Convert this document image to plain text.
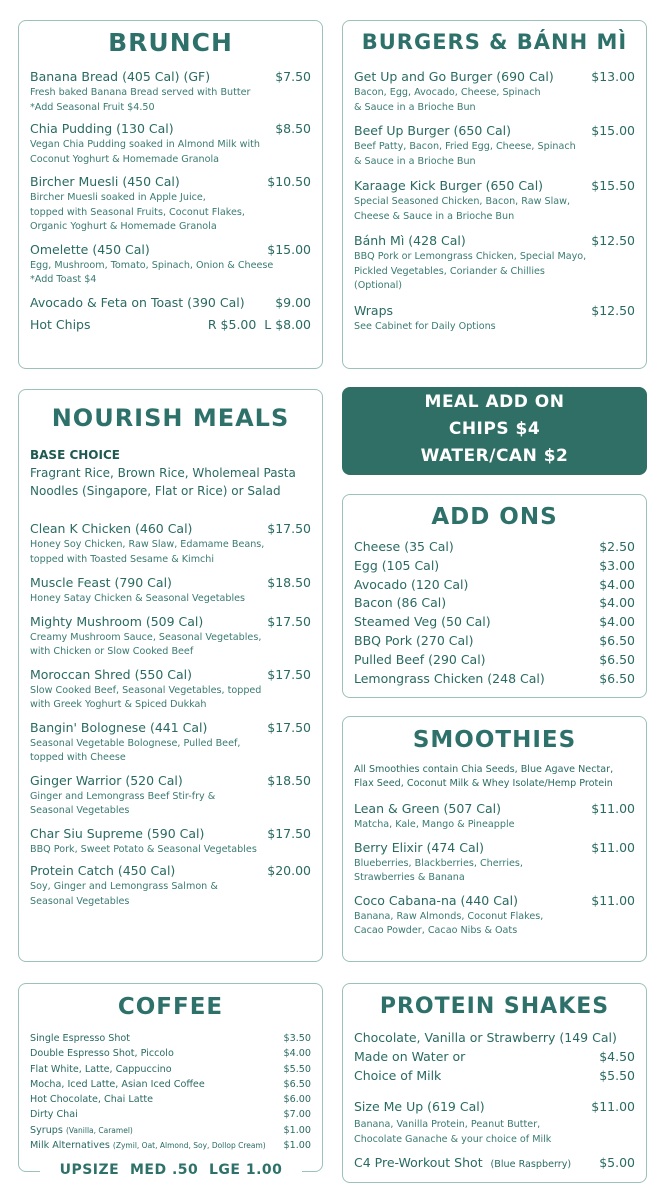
BRUNCH
Banana Bread (405 Cal) (GF)	$7.50
Fresh baked Banana Bread served with Butter
*Add Seasonal Fruit $4.50
Chia Pudding (130 Cal)	$8.50
Vegan Chia Pudding soaked in Almond Milk with
Coconut Yoghurt & Homemade Granola
Bircher Muesli (450 Cal)	$10.50
Bircher Muesli soaked in Apple Juice,
topped with Seasonal Fruits, Coconut Flakes,
Organic Yoghurt & Homemade Granola
Omelette (450 Cal)	$15.00
Egg, Mushroom, Tomato, Spinach, Onion & Cheese
*Add Toast $4
Avocado & Feta on Toast (390 Cal)	$9.00
Hot Chips	R $5.00  L $8.00
BURGERS & BÁNH MÌ
Get Up and Go Burger (690 Cal)	$13.00
Bacon, Egg, Avocado, Cheese, Spinach
& Sauce in a Brioche Bun
Beef Up Burger (650 Cal)	$15.00
Beef Patty, Bacon, Fried Egg, Cheese, Spinach
& Sauce in a Brioche Bun
Karaage Kick Burger (650 Cal)	$15.50
Special Seasoned Chicken, Bacon, Raw Slaw,
Cheese & Sauce in a Brioche Bun
Bánh Mì (428 Cal)	$12.50
BBQ Pork or Lemongrass Chicken, Special Mayo,
Pickled Vegetables, Coriander & Chillies
(Optional)
Wraps	$12.50
See Cabinet for Daily Options
NOURISH MEALS
BASE CHOICE
Fragrant Rice, Brown Rice, Wholemeal Pasta
Noodles (Singapore, Flat or Rice) or Salad
Clean K Chicken (460 Cal)	$17.50
Honey Soy Chicken, Raw Slaw, Edamame Beans,
topped with Toasted Sesame & Kimchi
Muscle Feast (790 Cal)	$18.50
Honey Satay Chicken & Seasonal Vegetables
Mighty Mushroom (509 Cal)	$17.50
Creamy Mushroom Sauce, Seasonal Vegetables,
with Chicken or Slow Cooked Beef
Moroccan Shred (550 Cal)	$17.50
Slow Cooked Beef, Seasonal Vegetables, topped
with Greek Yoghurt & Spiced Dukkah
Bangin' Bolognese (441 Cal)	$17.50
Seasonal Vegetable Bolognese, Pulled Beef,
topped with Cheese
Ginger Warrior (520 Cal)	$18.50
Ginger and Lemongrass Beef Stir-fry &
Seasonal Vegetables
Char Siu Supreme (590 Cal)	$17.50
BBQ Pork, Sweet Potato & Seasonal Vegetables
Protein Catch (450 Cal)	$20.00
Soy, Ginger and Lemongrass Salmon &
Seasonal Vegetables
MEAL ADD ON
CHIPS $4
WATER/CAN $2
ADD ONS
Cheese (35 Cal)	$2.50
Egg (105 Cal)	$3.00
Avocado (120 Cal)	$4.00
Bacon (86 Cal)	$4.00
Steamed Veg (50 Cal)	$4.00
BBQ Pork (270 Cal)	$6.50
Pulled Beef (290 Cal)	$6.50
Lemongrass Chicken (248 Cal)	$6.50
SMOOTHIES
All Smoothies contain Chia Seeds, Blue Agave Nectar,
Flax Seed, Coconut Milk & Whey Isolate/Hemp Protein
Lean & Green (507 Cal)	$11.00
Matcha, Kale, Mango & Pineapple
Berry Elixir (474 Cal)	$11.00
Blueberries, Blackberries, Cherries,
Strawberries & Banana
Coco Cabana-na (440 Cal)	$11.00
Banana, Raw Almonds, Coconut Flakes,
Cacao Powder, Cacao Nibs & Oats
COFFEE
Single Espresso Shot	$3.50
Double Espresso Shot, Piccolo	$4.00
Flat White, Latte, Cappuccino	$5.50
Mocha, Iced Latte, Asian Iced Coffee	$6.50
Hot Chocolate, Chai Latte	$6.00
Dirty Chai	$7.00
Syrups (Vanilla, Caramel)	$1.00
Milk Alternatives (Zymil, Oat, Almond, Soy, Dollop Cream) $1.00
UPSIZE  MED .50  LGE 1.00
PROTEIN SHAKES
Chocolate, Vanilla or Strawberry (149 Cal)
Made on Water or	$4.50
Choice of Milk	$5.50
Size Me Up (619 Cal)	$11.00
Banana, Vanilla Protein, Peanut Butter,
Chocolate Ganache & your choice of Milk
C4 Pre-Workout Shot (Blue Raspberry) $5.00
